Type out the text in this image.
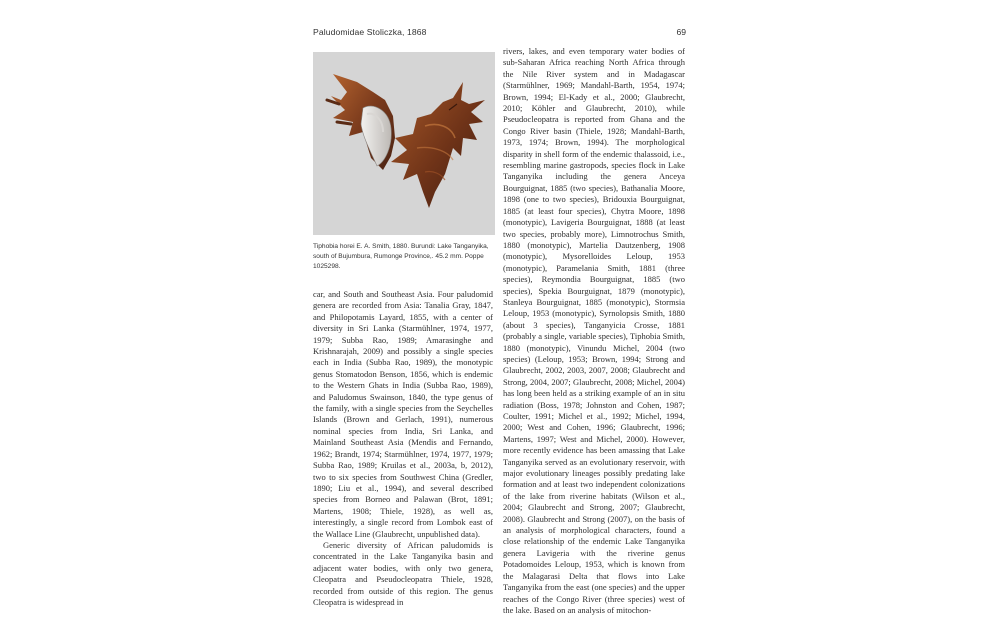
Paludomidae Stoliczka, 1868	69
Tiphobia horei E. A. Smith, 1880. Burundi: Lake Tanganyika, south of Bujumbura, Rumonge Province,. 45.2 mm. Poppe 1025298.

car, and South and Southeast Asia. Four paludomid genera are recorded from Asia: Tanalia Gray, 1847, and Philopotamis Layard, 1855, with a center of diversity in Sri Lanka (Starmühlner, 1974, 1977, 1979; Subba Rao, 1989; Amarasinghe and Krishnarajah, 2009) and possibly a single species each in India (Subba Rao, 1989), the monotypic genus Stomatodon Benson, 1856, which is endemic to the Western Ghats in India (Subba Rao, 1989), and Paludomus Swainson, 1840, the type genus of the family, with a single species from the Seychelles Islands (Brown and Gerlach, 1991), numerous nominal species from India, Sri Lanka, and Mainland Southeast Asia (Mendis and Fernando, 1962; Brandt, 1974; Starmühlner, 1974, 1977, 1979; Subba Rao, 1989; Kruilas et al., 2003a, b, 2012), two to six species from Southwest China (Gredler, 1890; Liu et al., 1994), and several described species from Borneo and Palawan (Brot, 1891; Martens, 1908; Thiele, 1928), as well as, interestingly, a single record from Lombok east of the Wallace Line (Glaubrecht, unpublished data).

Generic diversity of African paludomids is concentrated in the Lake Tanganyika basin and adjacent water bodies, with only two genera, Cleopatra and Pseudocleopatra Thiele, 1928, recorded from outside of this region. The genus Cleopatra is widespread in

rivers, lakes, and even temporary water bodies of sub-Saharan Africa reaching North Africa through the Nile River system and in Madagascar (Starmühlner, 1969; Mandahl-Barth, 1954, 1974; Brown, 1994; El-Kady et al., 2000; Glaubrecht, 2010; Köhler and Glaubrecht, 2010), while Pseudocleopatra is reported from Ghana and the Congo River basin (Thiele, 1928; Mandahl-Barth, 1973, 1974; Brown, 1994). The morphological disparity in shell form of the endemic thalassoid, i.e., resembling marine gastropods, species flock in Lake Tanganyika including the genera Anceya Bourguignat, 1885 (two species), Bathanalia Moore, 1898 (one to two species), Bridouxia Bourguignat, 1885 (at least four species), Chytra Moore, 1898 (monotypic), Lavigeria Bourguignat, 1888 (at least two species, probably more), Limnotrochus Smith, 1880 (monotypic), Martelia Dautzenberg, 1908 (monotypic), Mysorelloides Leloup, 1953 (monotypic), Paramelania Smith, 1881 (three species), Reymondia Bourguignat, 1885 (two species), Spekia Bourguignat, 1879 (monotypic), Stanleya Bourguignat, 1885 (monotypic), Stormsia Leloup, 1953 (monotypic), Syrnolopsis Smith, 1880 (about 3 species), Tanganyicia Crosse, 1881 (probably a single, variable species), Tiphobia Smith, 1880 (monotypic), Vinundu Michel, 2004 (two species) (Leloup, 1953; Brown, 1994; Strong and Glaubrecht, 2002, 2003, 2007, 2008; Glaubrecht and Strong, 2004, 2007; Glaubrecht, 2008; Michel, 2004) has long been held as a striking example of an in situ radiation (Boss, 1978; Johnston and Cohen, 1987; Coulter, 1991; Michel et al., 1992; Michel, 1994, 2000; West and Cohen, 1996; Glaubrecht, 1996; Martens, 1997; West and Michel, 2000). However, more recently evidence has been amassing that Lake Tanganyika served as an evolutionary reservoir, with major evolutionary lineages possibly predating lake formation and at least two independent colonizations of the lake from riverine habitats (Wilson et al., 2004; Glaubrecht and Strong, 2007; Glaubrecht, 2008). Glaubrecht and Strong (2007), on the basis of an analysis of morphological characters, found a close relationship of the endemic Lake Tanganyika genera Lavigeria with the riverine genus Potadomoides Leloup, 1953, which is known from the Malagarasi Delta that flows into Lake Tanganyika from the east (one species) and the upper reaches of the Congo River (three species) west of the lake. Based on an analysis of mitochon-
